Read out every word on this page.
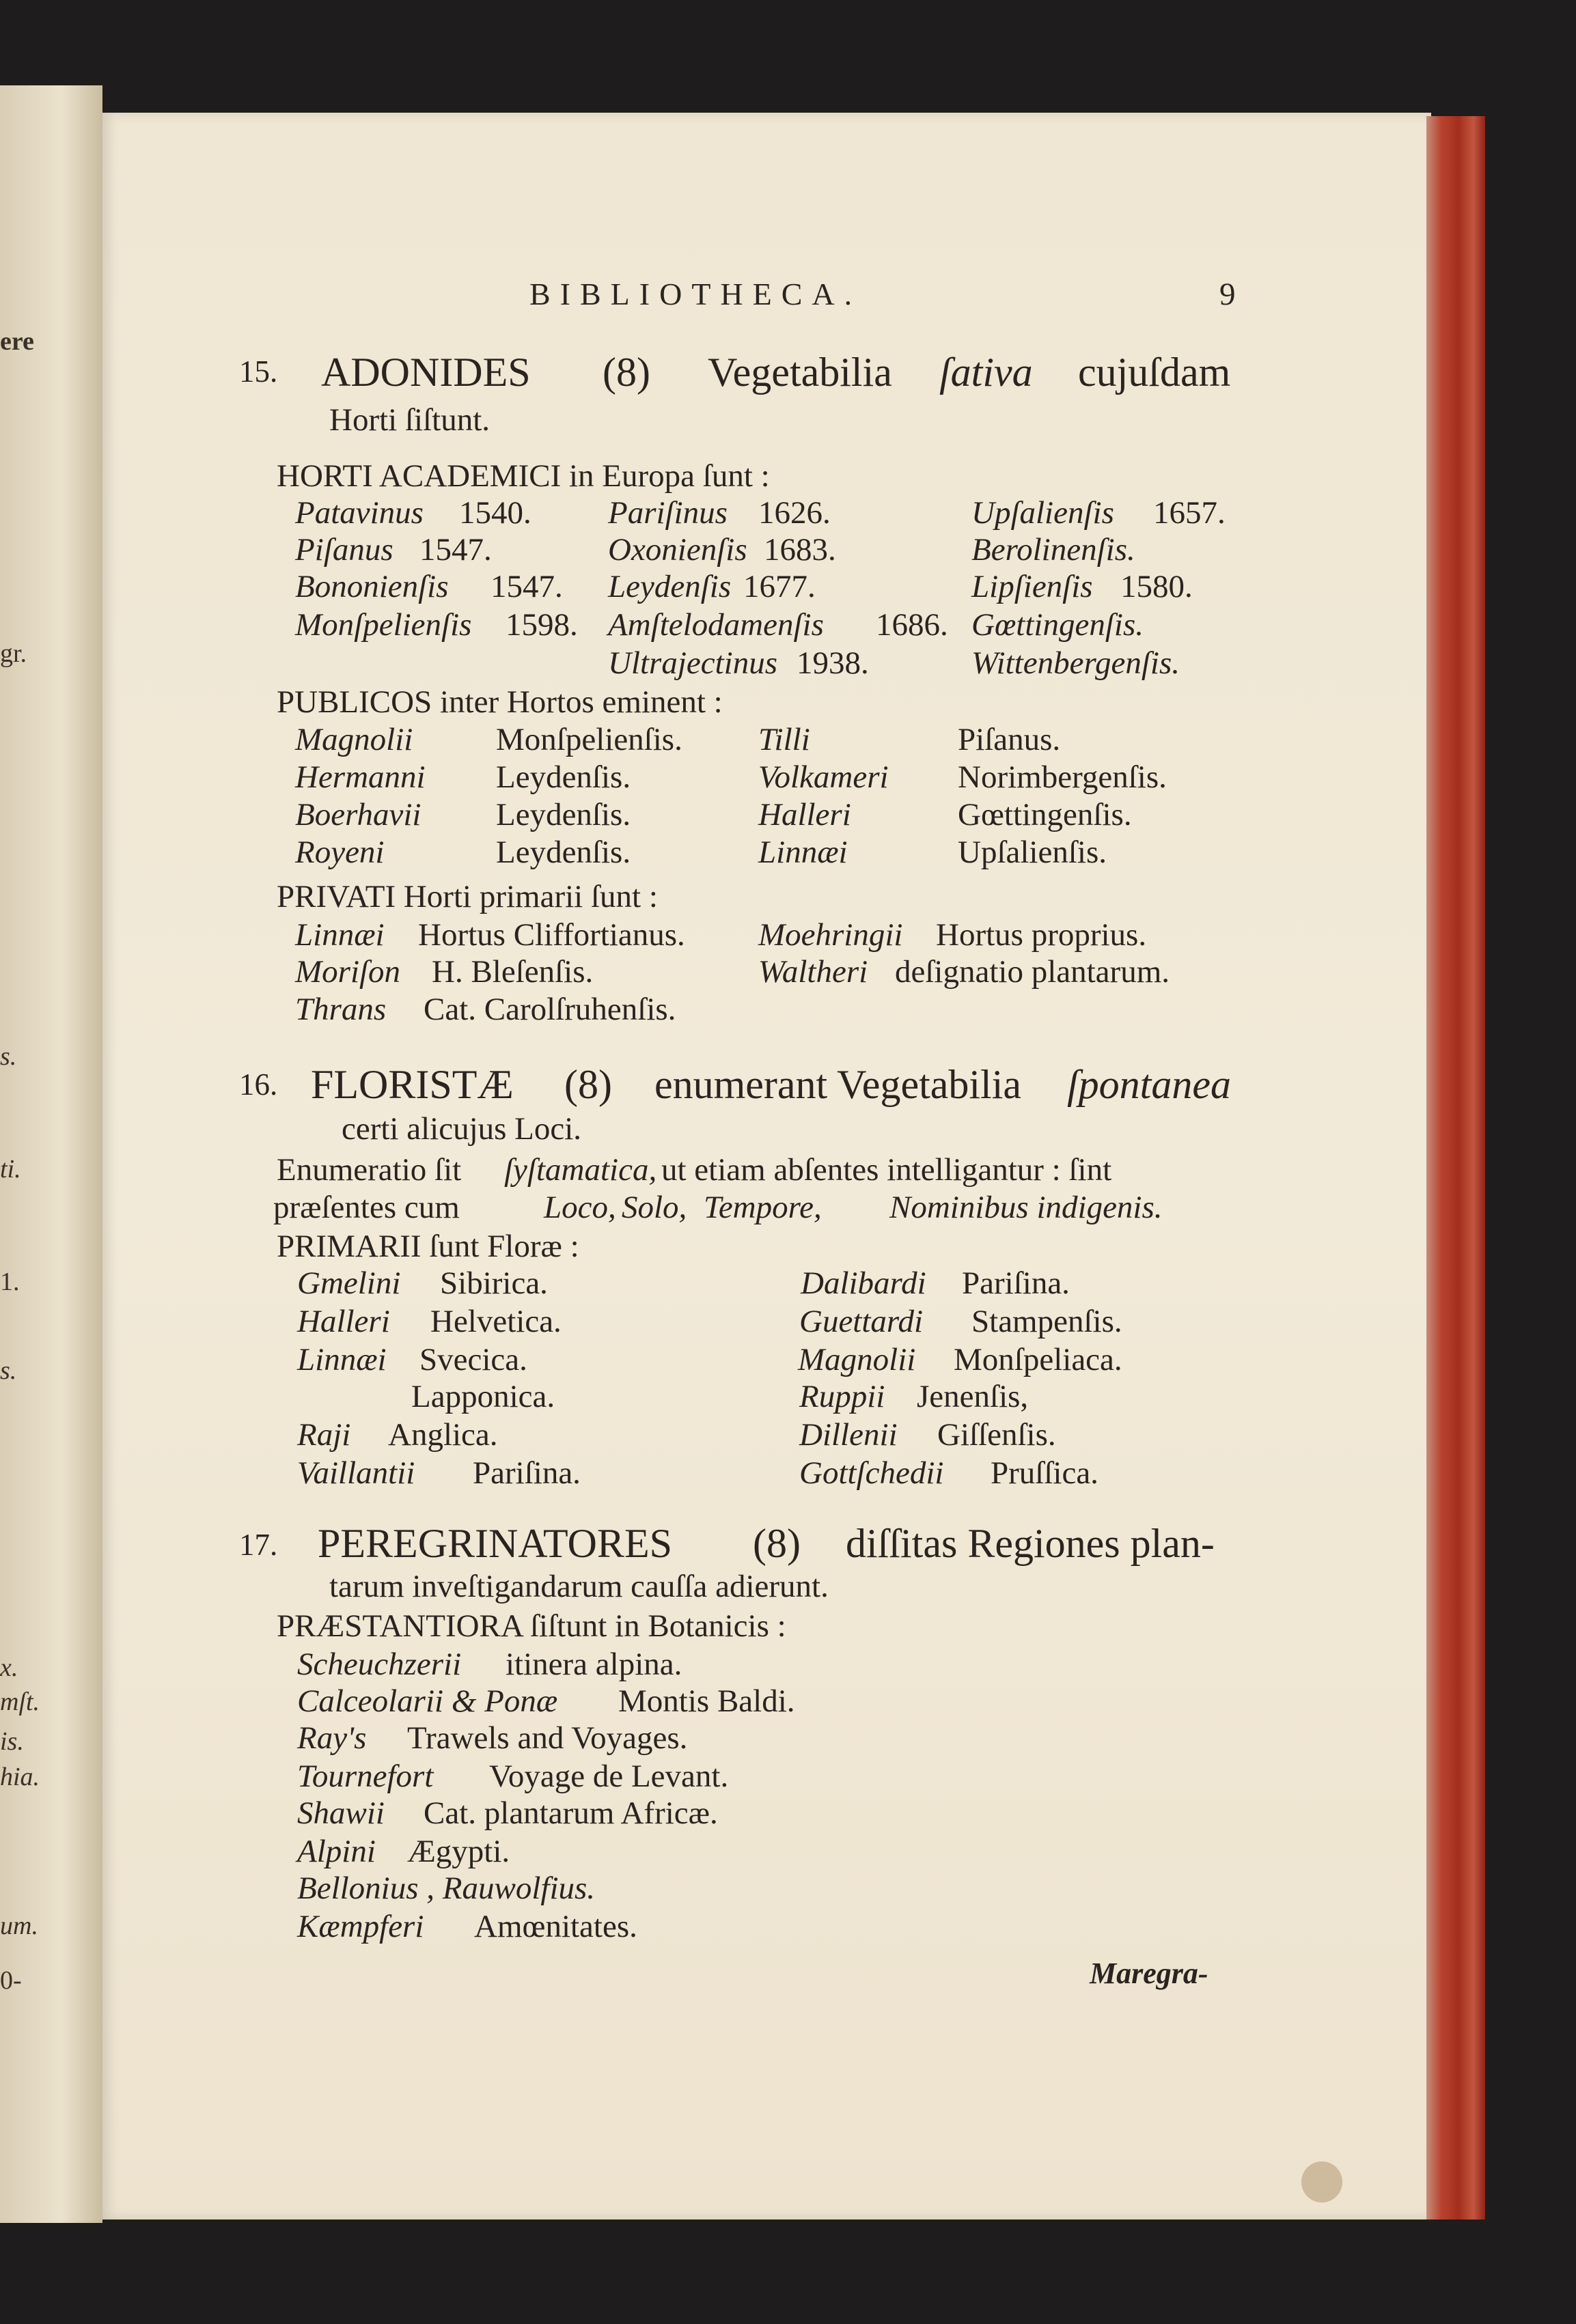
ere
gr.
s.
ti.
1.
s.
x.
mſt.
is.
hia.
um.
0-
BIBLIOTHECA.	9
15. ADONIDES (8) Vegetabilia ſativa cujuſdam
Horti ſiſtunt.
HORTI ACADEMICI in Europa ſunt :
Patavinus 1540. Pariſinus 1626.	Upſalienſis 1657.
Piſanus 1547.	Oxonienſis 1683.	Berolinenſis.
Bononienſis 1547. Leydenſis 1677.	Lipſienſis 1580.
Monſpelienſis 1598. Amſtelodamenſis 1686. Gœttingenſis.
Ultrajectinus 1938.	Wittenbergenſis.
PUBLICOS inter Hortos eminent :
Magnolii	Monſpelienſis. Tilli	Piſanus.
Hermanni Leydenſis.	Volkameri Norimbergenſis.
Boerhavii Leydenſis.	Halleri	Gœttingenſis.
Royeni	Leydenſis.	Linnæi	Upſalienſis.
PRIVATI Horti primarii ſunt :
Linnæi Hortus Cliffortianus. Moehringii Hortus proprius.
Moriſon H. Bleſenſis.	Waltheri deſignatio plantarum.
Thrans Cat. Carolſruhenſis.
16. FLORISTÆ (8) enumerant Vegetabilia ſpontanea
certi alicujus Loci.
Enumeratio ſit ſyſtamatica, ut etiam abſentes intelligantur : ſint
præſentes cum	Loco, Solo, Tempore, Nominibus indigenis.
PRIMARII ſunt Floræ :
Gmelini Sibirica.	Dalibardi Pariſina.
Halleri Helvetica.	Guettardi Stampenſis.
Linnæi Svecica.	Magnolii Monſpeliaca.
Lapponica.	Ruppii Jenenſis,
Raji Anglica.	Dillenii Giſſenſis.
Vaillantii Pariſina.	Gottſchedii Pruſſica.
17. PEREGRINATORES (8) diſſitas Regiones plan-
tarum inveſtigandarum cauſſa adierunt.
PRÆSTANTIORA ſiſtunt in Botanicis :
Scheuchzerii itinera alpina.
Calceolarii & Ponæ Montis Baldi.
Ray's Trawels and Voyages.
Tournefort Voyage de Levant.
Shawii Cat. plantarum Africæ.
Alpini Ægypti.
Bellonius , Rauwolfius.
Kæmpferi Amœnitates.
Maregra-
